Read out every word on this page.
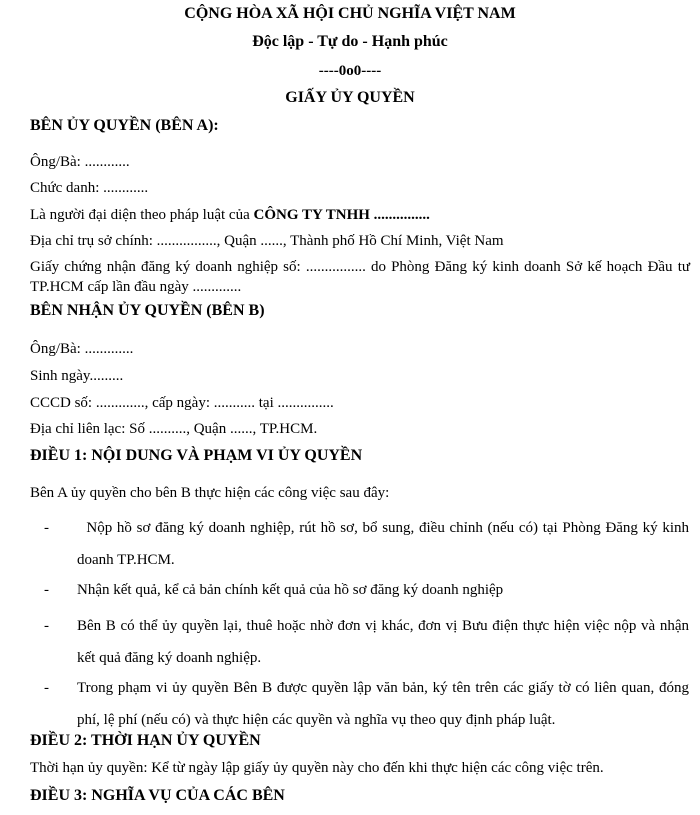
CỘNG HÒA XÃ HỘI CHỦ NGHĨA VIỆT NAM
Độc lập - Tự do - Hạnh phúc
----0o0----
GIẤY ỦY QUYỀN
BÊN ỦY QUYỀN (BÊN A):
Ông/Bà: ............
Chức danh: ............
Là người đại diện theo pháp luật của CÔNG TY TNHH ...............
Địa chỉ trụ sở chính: ................, Quận ......, Thành phố Hồ Chí Minh, Việt Nam
Giấy chứng nhận đăng ký doanh nghiệp số: ................ do Phòng Đăng ký kinh doanh Sở kế hoạch Đầu tư TP.HCM cấp lần đầu ngày .............
BÊN NHẬN ỦY QUYỀN (BÊN B)
Ông/Bà: .............
Sinh ngày.........
CCCD số: ............., cấp ngày: ........... tại ...............
Địa chỉ liên lạc: Số .........., Quận ......, TP.HCM.
ĐIỀU 1: NỘI DUNG VÀ PHẠM VI ỦY QUYỀN
Bên A ủy quyền cho bên B thực hiện các công việc sau đây:
- Nộp hồ sơ đăng ký doanh nghiệp, rút hồ sơ, bổ sung, điều chỉnh (nếu có) tại Phòng Đăng ký kinh doanh TP.HCM.
- Nhận kết quả, kể cả bản chính kết quả của hồ sơ đăng ký doanh nghiệp
- Bên B có thể ủy quyền lại, thuê hoặc nhờ đơn vị khác, đơn vị Bưu điện thực hiện việc nộp và nhận kết quả đăng ký doanh nghiệp.
- Trong phạm vi ủy quyền Bên B được quyền lập văn bản, ký tên trên các giấy tờ có liên quan, đóng phí, lệ phí (nếu có) và thực hiện các quyền và nghĩa vụ theo quy định pháp luật.
ĐIỀU 2: THỜI HẠN ỦY QUYỀN
Thời hạn ủy quyền: Kể từ ngày lập giấy ủy quyền này cho đến khi thực hiện các công việc trên.
ĐIỀU 3: NGHĨA VỤ CỦA CÁC BÊN
